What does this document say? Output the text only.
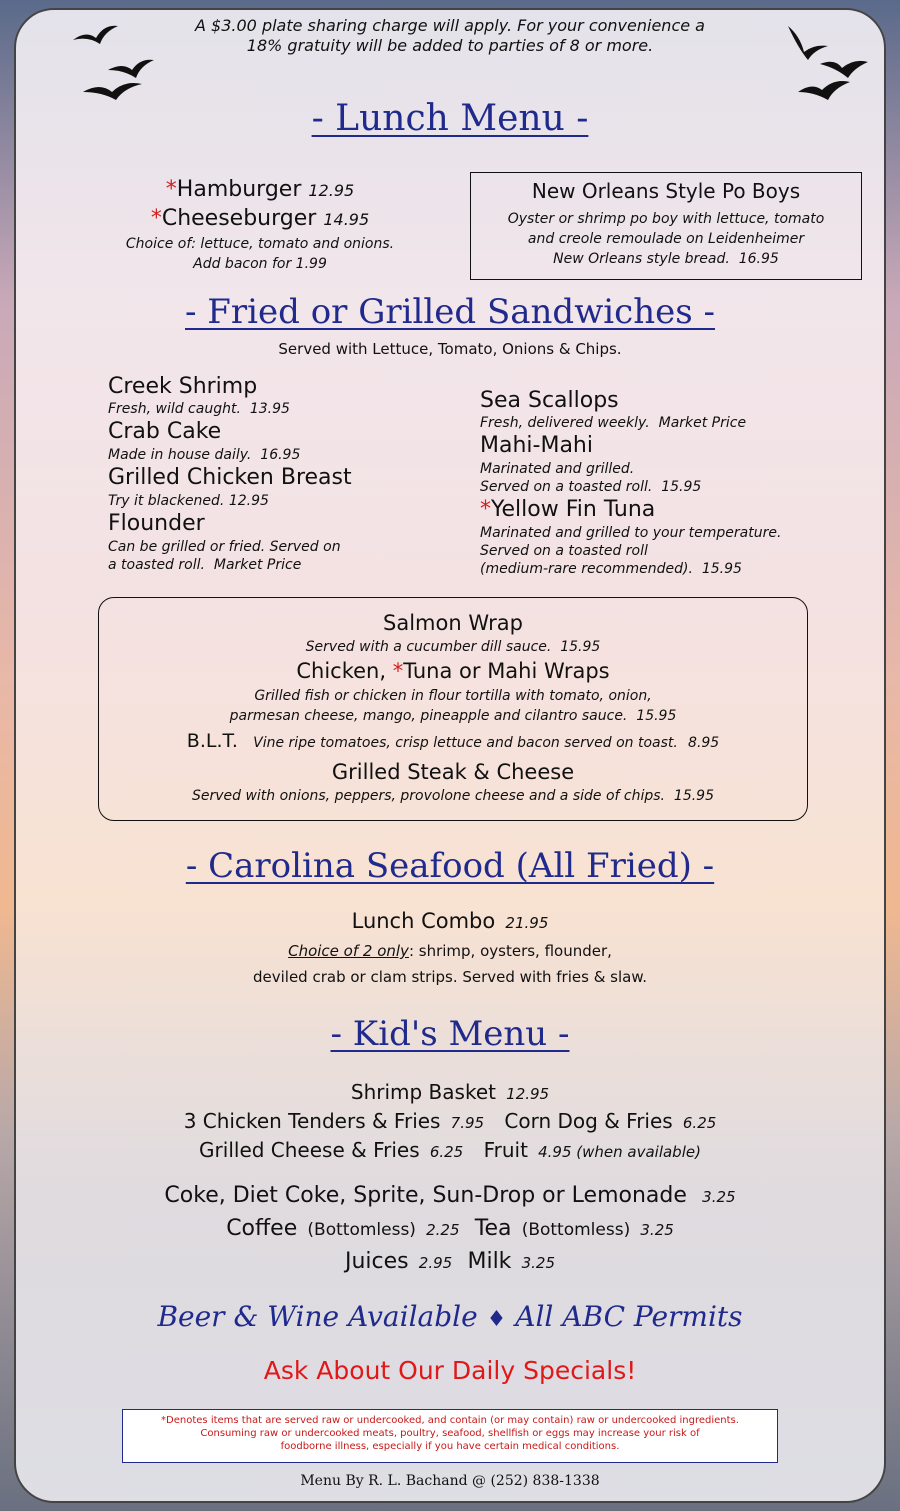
A $3.00 plate sharing charge will apply. For your convenience a
18% gratuity will be added to parties of 8 or more.
- Lunch Menu -
*Hamburger 12.95
*Cheeseburger 14.95
Choice of: lettuce, tomato and onions.
Add bacon for 1.99
New Orleans Style Po Boys
Oyster or shrimp po boy with lettuce, tomato
and creole remoulade on Leidenheimer
New Orleans style bread. 16.95
- Fried or Grilled Sandwiches -
Served with Lettuce, Tomato, Onions & Chips.
Creek Shrimp
Fresh, wild caught. 13.95
Crab Cake
Made in house daily. 16.95
Grilled Chicken Breast
Try it blackened. 12.95
Flounder
Can be grilled or fried. Served on
a toasted roll. Market Price
Sea Scallops
Fresh, delivered weekly. Market Price
Mahi-Mahi
Marinated and grilled.
Served on a toasted roll. 15.95
*Yellow Fin Tuna
Marinated and grilled to your temperature.
Served on a toasted roll
(medium-rare recommended). 15.95
Salmon Wrap
Served with a cucumber dill sauce. 15.95
Chicken, *Tuna or Mahi Wraps
Grilled fish or chicken in flour tortilla with tomato, onion,
parmesan cheese, mango, pineapple and cilantro sauce. 15.95
B.L.T. Vine ripe tomatoes, crisp lettuce and bacon served on toast. 8.95
Grilled Steak & Cheese
Served with onions, peppers, provolone cheese and a side of chips. 15.95
- Carolina Seafood (All Fried) -
Lunch Combo 21.95
Choice of 2 only: shrimp, oysters, flounder,
deviled crab or clam strips. Served with fries & slaw.
- Kid's Menu -
Shrimp Basket 12.95
3 Chicken Tenders & Fries 7.95 Corn Dog & Fries 6.25
Grilled Cheese & Fries 6.25 Fruit 4.95 (when available)
Coke, Diet Coke, Sprite, Sun-Drop or Lemonade 3.25
Coffee (Bottomless) 2.25 Tea (Bottomless) 3.25
Juices 2.95 Milk 3.25
Beer & Wine Available ♦ All ABC Permits
Ask About Our Daily Specials!
*Denotes items that are served raw or undercooked, and contain (or may contain) raw or undercooked ingredients.
Consuming raw or undercooked meats, poultry, seafood, shellfish or eggs may increase your risk of
foodborne illness, especially if you have certain medical conditions.
Menu By R. L. Bachand @ (252) 838-1338
